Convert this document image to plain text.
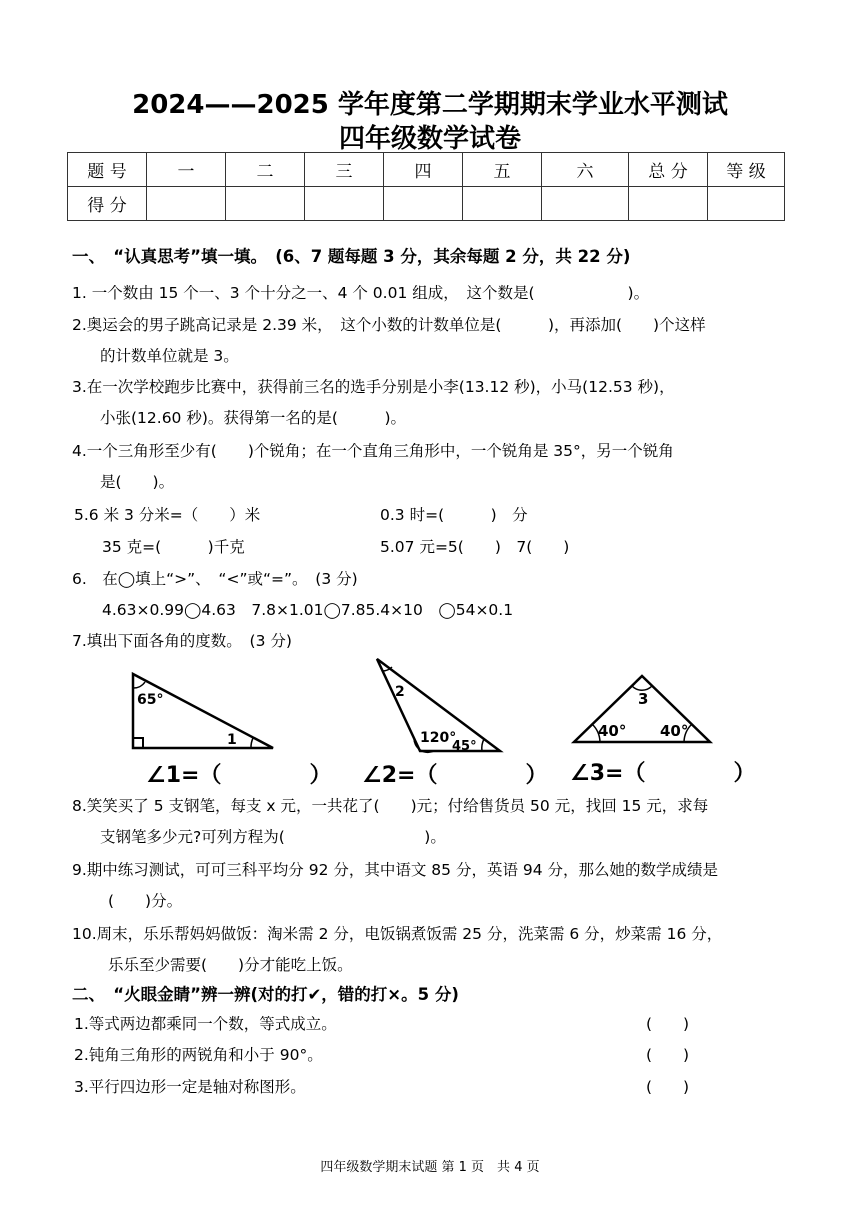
2024——2025 学年度第二学期期末学业水平测试
四年级数学试卷
题 号	一	二	三	四	五	六	总 分	等 级
得 分								
一、　“认真思考”填一填。　(6、7 题每题 3 分，其余每题 2 分，共 22 分)
1. 一个数由 15 个一、3 个十分之一、4 个 0.01 组成，　这个数是(　　　　　　)。
2.奥运会的男子跳高记录是 2.39 米，　这个小数的计数单位是(　　　)，再添加(　　)个这样
的计数单位就是 3。
3.在一次学校跑步比赛中，获得前三名的选手分别是小李(13.12 秒)，小马(12.53 秒)，
小张(12.60 秒)。获得第一名的是(　　　)。
4.一个三角形至少有(　　)个锐角；在一个直角三角形中，一个锐角是 35°，另一个锐角
是(　　)。
5.6 米 3 分米=（　　）米	0.3 时=(　　　)　分
35 克=(　　　)千克	5.07 元=5(　　)　7(　　)
6.　在◯填上“>”、　“<”或“=”。　(3 分)
4.63×0.99◯4.63　7.8×1.01◯7.85.4×10　◯54×0.1
7.填出下面各角的度数。　(3 分)
65°
1
∠1=（　　　　）
2
120°
45°
∠2=（　　　　）
3
40° 40°
∠3=（　　　　）
8.笑笑买了 5 支钢笔，每支 x 元，一共花了(　　)元；付给售货员 50 元，找回 15 元，求每
支钢笔多少元?可列方程为(　　　　　　　　　)。
9.期中练习测试，可可三科平均分 92 分，其中语文 85 分，英语 94 分，那么她的数学成绩是
(　　)分。
10.周末，乐乐帮妈妈做饭：淘米需 2 分，电饭锅煮饭需 25 分，洗菜需 6 分，炒菜需 16 分，
乐乐至少需要(　　)分才能吃上饭。
二、　“火眼金睛”辨一辨(对的打✔，错的打×。5 分)
1.等式两边都乘同一个数，等式成立。	(　　)
2.钝角三角形的两锐角和小于 90°。	(　　)
3.平行四边形一定是轴对称图形。	(　　)
四年级数学期末试题 第 1 页　共 4 页
